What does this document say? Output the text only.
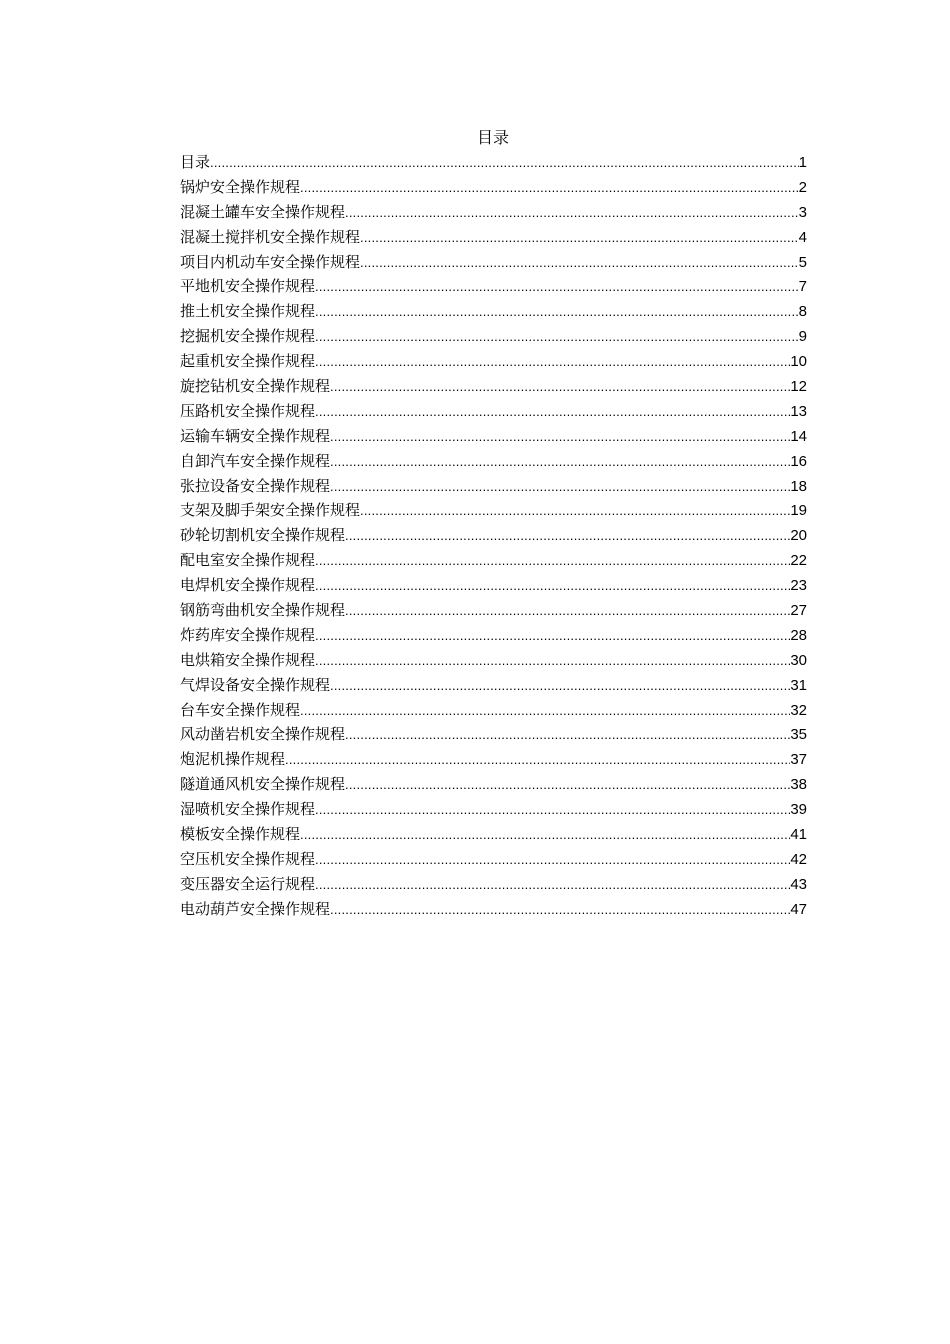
目录
目录 .....	1
锅炉安全操作规程 .....	2
混凝土罐车安全操作规程 .....	3
混凝土搅拌机安全操作规程 .....	4
项目内机动车安全操作规程 .....	5
平地机安全操作规程 .....	7
推土机安全操作规程 .....	8
挖掘机安全操作规程 .....	9
起重机安全操作规程 .....	10
旋挖钻机安全操作规程 .....	12
压路机安全操作规程 .....	13
运输车辆安全操作规程 .....	14
自卸汽车安全操作规程 .....	16
张拉设备安全操作规程 .....	18
支架及脚手架安全操作规程 .....	19
砂轮切割机安全操作规程 .....	20
配电室安全操作规程 .....	22
电焊机安全操作规程 .....	23
钢筋弯曲机安全操作规程 .....	27
炸药库安全操作规程 .....	28
电烘箱安全操作规程 .....	30
气焊设备安全操作规程 .....	31
台车安全操作规程 .....	32
风动凿岩机安全操作规程 .....	35
炮泥机操作规程 .....	37
隧道通风机安全操作规程 .....	38
湿喷机安全操作规程 .....	39
模板安全操作规程 .....	41
空压机安全操作规程 .....	42
变压器安全运行规程 .....	43
电动葫芦安全操作规程 .....	47
